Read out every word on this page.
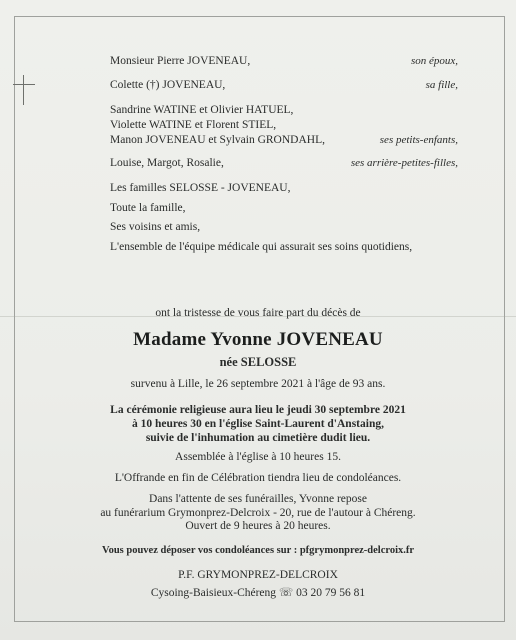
Monsieur Pierre JOVENEAU,	son époux,
Colette (†) JOVENEAU,	sa fille,
Sandrine WATINE et Olivier HATUEL,
Violette WATINE et Florent STIEL,
Manon JOVENEAU et Sylvain GRONDAHL,	ses petits-enfants,
Louise, Margot, Rosalie,	ses arrière-petites-filles,
Les familles SELOSSE - JOVENEAU,
Toute la famille,
Ses voisins et amis,
L'ensemble de l'équipe médicale qui assurait ses soins quotidiens,
ont la tristesse de vous faire part du décès de
Madame Yvonne JOVENEAU
née SELOSSE
survenu à Lille, le 26 septembre 2021 à l'âge de 93 ans.
La cérémonie religieuse aura lieu le jeudi 30 septembre 2021
à 10 heures 30 en l'église Saint-Laurent d'Anstaing,
suivie de l'inhumation au cimetière dudit lieu.
Assemblée à l'église à 10 heures 15.
L'Offrande en fin de Célébration tiendra lieu de condoléances.
Dans l'attente de ses funérailles, Yvonne repose
au funérarium Grymonprez-Delcroix - 20, rue de l'autour à Chéreng.
Ouvert de 9 heures à 20 heures.
Vous pouvez déposer vos condoléances sur : pfgrymonprez-delcroix.fr
P.F. GRYMONPREZ-DELCROIX
Cysoing-Baisieux-Chéreng ☏ 03 20 79 56 81
